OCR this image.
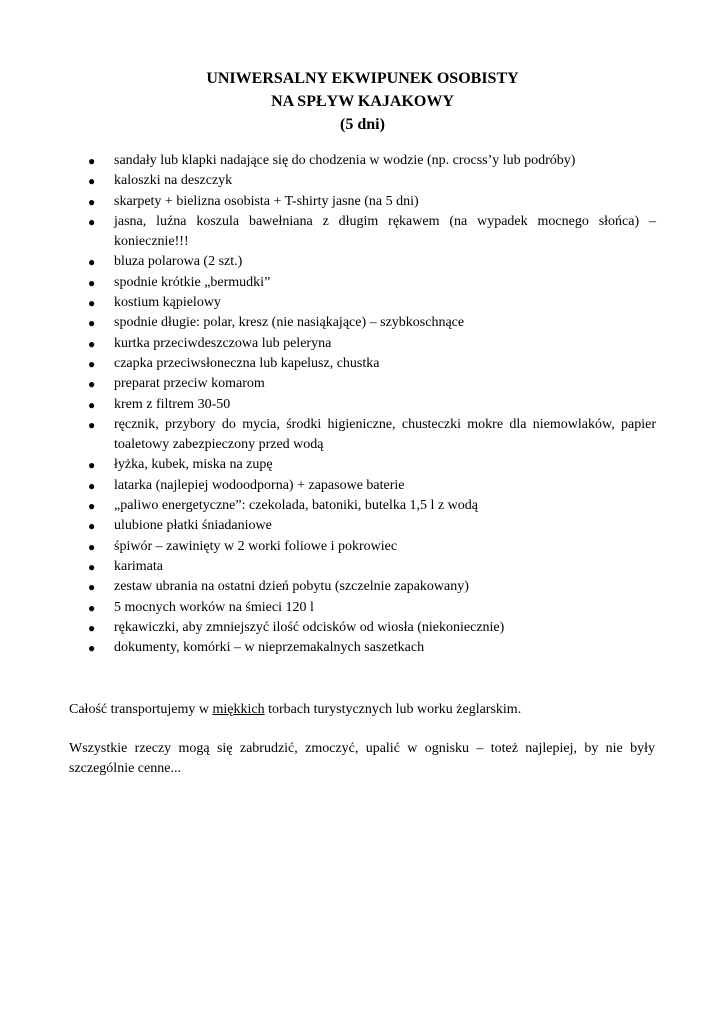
UNIWERSALNY EKWIPUNEK OSOBISTY
NA SPŁYW KAJAKOWY
(5 dni)
● sandały lub klapki nadające się do chodzenia w wodzie (np. crocss’y lub podróby)
● kaloszki na deszczyk
● skarpety + bielizna osobista + T-shirty jasne (na 5 dni)
● jasna, luźna koszula bawełniana z długim rękawem (na wypadek mocnego słońca) – koniecznie!!!
● bluza polarowa (2 szt.)
● spodnie krótkie „bermudki”
● kostium kąpielowy
● spodnie długie: polar, kresz (nie nasiąkające) – szybkoschnące
● kurtka przeciwdeszczowa lub peleryna
● czapka przeciwsłoneczna lub kapelusz, chustka
● preparat przeciw komarom
● krem z filtrem 30-50
● ręcznik, przybory do mycia, środki higieniczne, chusteczki mokre dla niemowlaków, papier toaletowy zabezpieczony przed wodą
● łyżka, kubek, miska na zupę
● latarka (najlepiej wodoodporna) + zapasowe baterie
● „paliwo energetyczne”: czekolada, batoniki, butelka 1,5 l z wodą
● ulubione płatki śniadaniowe
● śpiwór – zawinięty w 2 worki foliowe i pokrowiec
● karimata
● zestaw ubrania na ostatni dzień pobytu (szczelnie zapakowany)
● 5 mocnych worków na śmieci 120 l
● rękawiczki, aby zmniejszyć ilość odcisków od wiosła (niekoniecznie)
● dokumenty, komórki – w nieprzemakalnych saszetkach

Całość transportujemy w miękkich torbach turystycznych lub worku żeglarskim.

Wszystkie rzeczy mogą się zabrudzić, zmoczyć, upalić w ognisku – toteż najlepiej, by nie były szczególnie cenne...
